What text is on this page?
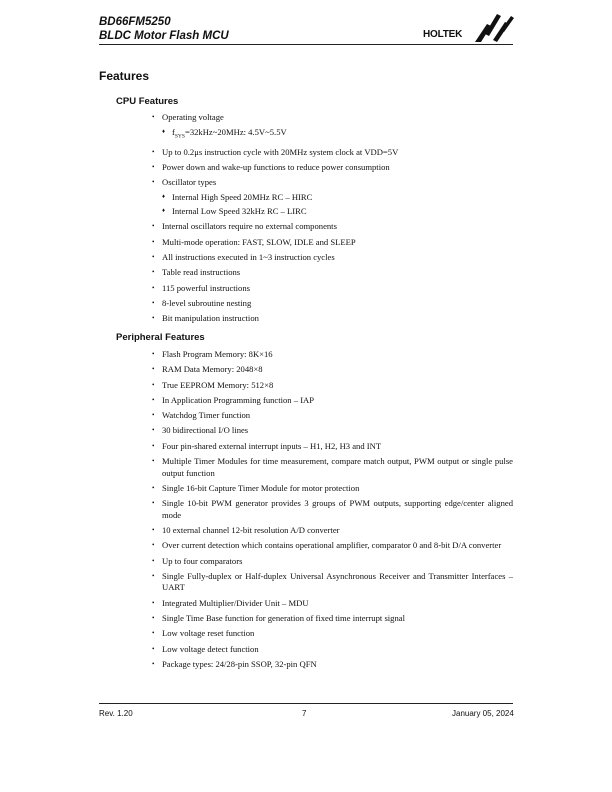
BD66FM5250
BLDC Motor Flash MCU	HOLTEK
Features
CPU Features
• Operating voltage
♦ $f_{SYS}=32kHz\sim 20MHz$: 4.5V~5.5V
• Up to 0.2μs instruction cycle with 20MHz system clock at VDD=5V
• Power down and wake-up functions to reduce power consumption
• Oscillator types
♦ Internal High Speed 20MHz RC – HIRC
♦ Internal Low Speed 32kHz RC – LIRC
• Internal oscillators require no external components
• Multi-mode operation: FAST, SLOW, IDLE and SLEEP
• All instructions executed in 1~3 instruction cycles
• Table read instructions
• 115 powerful instructions
• 8-level subroutine nesting
• Bit manipulation instruction
Peripheral Features
• Flash Program Memory: 8K×16
• RAM Data Memory: 2048×8
• True EEPROM Memory: 512×8
• In Application Programming function – IAP
• Watchdog Timer function
• 30 bidirectional I/O lines
• Four pin-shared external interrupt inputs – H1, H2, H3 and INT
• Multiple Timer Modules for time measurement, compare match output, PWM output or single pulse output function
• Single 16-bit Capture Timer Module for motor protection
• Single 10-bit PWM generator provides 3 groups of PWM outputs, supporting edge/center aligned mode
• 10 external channel 12-bit resolution A/D converter
• Over current detection which contains operational amplifier, comparator 0 and 8-bit D/A converter
• Up to four comparators
• Single Fully-duplex or Half-duplex Universal Asynchronous Receiver and Transmitter Interfaces – UART
• Integrated Multiplier/Divider Unit – MDU
• Single Time Base function for generation of fixed time interrupt signal
• Low voltage reset function
• Low voltage detect function
• Package types: 24/28-pin SSOP, 32-pin QFN
Rev. 1.20	7	January 05, 2024
